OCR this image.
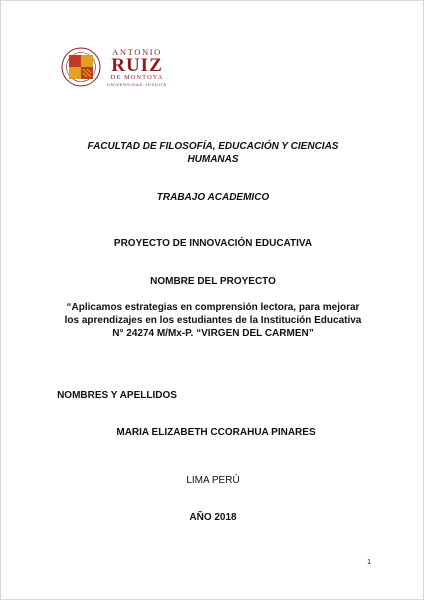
ANTONIO
RUIZ
DE MONTOYA
UNIVERSIDAD JESUITA
FACULTAD DE FILOSOFÍA, EDUCACIÓN Y CIENCIAS
HUMANAS
TRABAJO ACADEMICO
PROYECTO DE INNOVACIÓN EDUCATIVA
NOMBRE DEL PROYECTO
“Aplicamos estrategias en comprensión lectora, para mejorar
los aprendizajes en los estudiantes de la Institución Educativa
N° 24274 M/Mx-P. “VIRGEN DEL CARMEN”
NOMBRES Y APELLIDOS
MARIA ELIZABETH CCORAHUA PINARES
LIMA PERÚ
AÑO 2018
1
